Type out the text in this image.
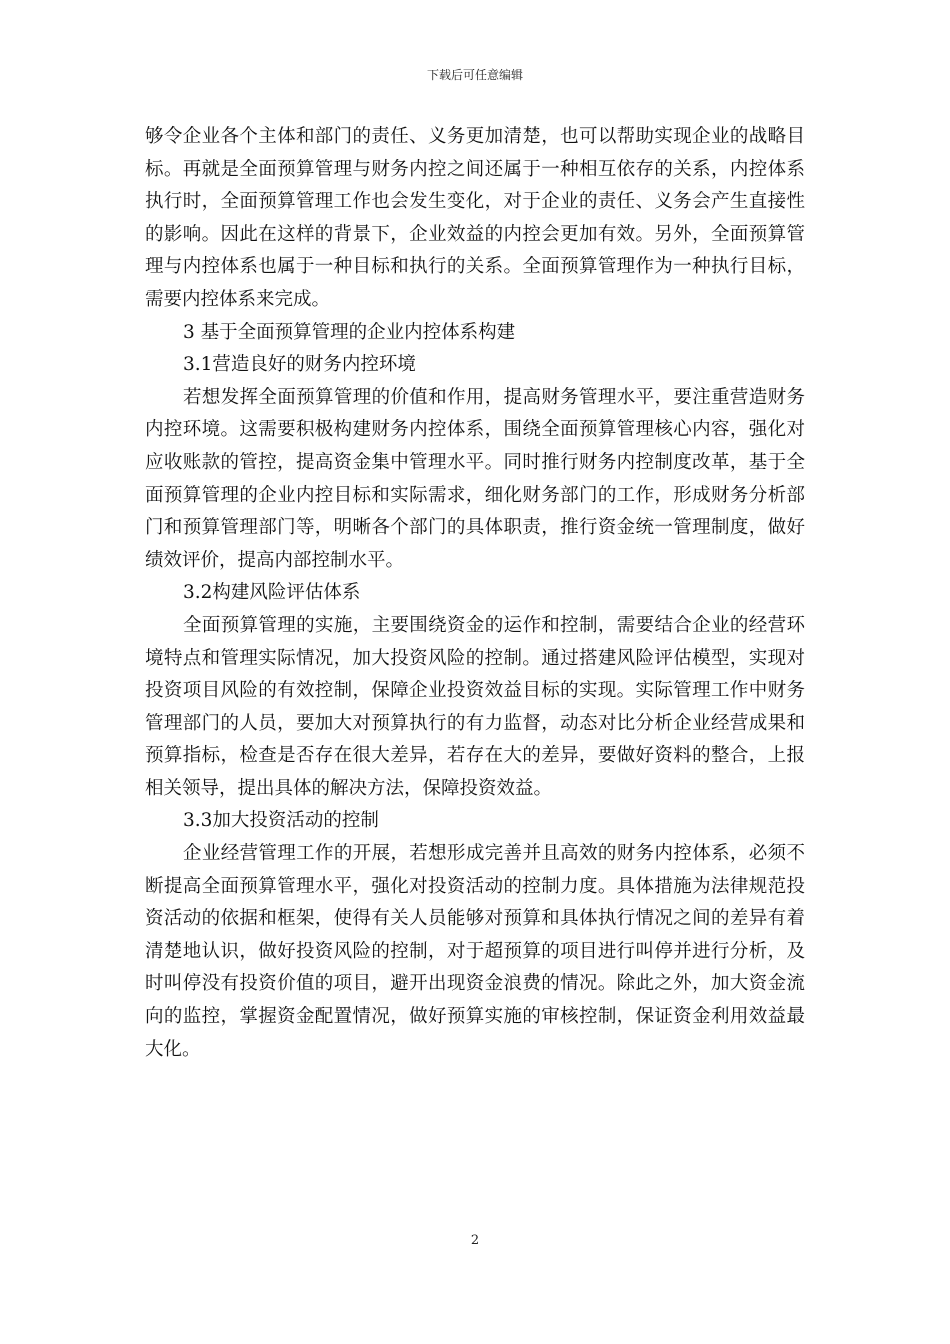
下载后可任意编辑

够令企业各个主体和部门的责任、义务更加清楚，也可以帮助实现企业的战略目标。再就是全面预算管理与财务内控之间还属于一种相互依存的关系，内控体系执行时，全面预算管理工作也会发生变化，对于企业的责任、义务会产生直接性的影响。因此在这样的背景下，企业效益的内控会更加有效。另外，全面预算管理与内控体系也属于一种目标和执行的关系。全面预算管理作为一种执行目标，需要内控体系来完成。

3 基于全面预算管理的企业内控体系构建

3.1营造良好的财务内控环境

若想发挥全面预算管理的价值和作用，提高财务管理水平，要注重营造财务内控环境。这需要积极构建财务内控体系，围绕全面预算管理核心内容，强化对应收账款的管控，提高资金集中管理水平。同时推行财务内控制度改革，基于全面预算管理的企业内控目标和实际需求，细化财务部门的工作，形成财务分析部门和预算管理部门等，明晰各个部门的具体职责，推行资金统一管理制度，做好绩效评价，提高内部控制水平。

3.2构建风险评估体系

全面预算管理的实施，主要围绕资金的运作和控制，需要结合企业的经营环境特点和管理实际情况，加大投资风险的控制。通过搭建风险评估模型，实现对投资项目风险的有效控制，保障企业投资效益目标的实现。实际管理工作中财务管理部门的人员，要加大对预算执行的有力监督，动态对比分析企业经营成果和预算指标，检查是否存在很大差异，若存在大的差异，要做好资料的整合，上报相关领导，提出具体的解决方法，保障投资效益。

3.3加大投资活动的控制

企业经营管理工作的开展，若想形成完善并且高效的财务内控体系，必须不断提高全面预算管理水平，强化对投资活动的控制力度。具体措施为法律规范投资活动的依据和框架，使得有关人员能够对预算和具体执行情况之间的差异有着清楚地认识，做好投资风险的控制，对于超预算的项目进行叫停并进行分析，及时叫停没有投资价值的项目，避开出现资金浪费的情况。除此之外，加大资金流向的监控，掌握资金配置情况，做好预算实施的审核控制，保证资金利用效益最大化。

2
